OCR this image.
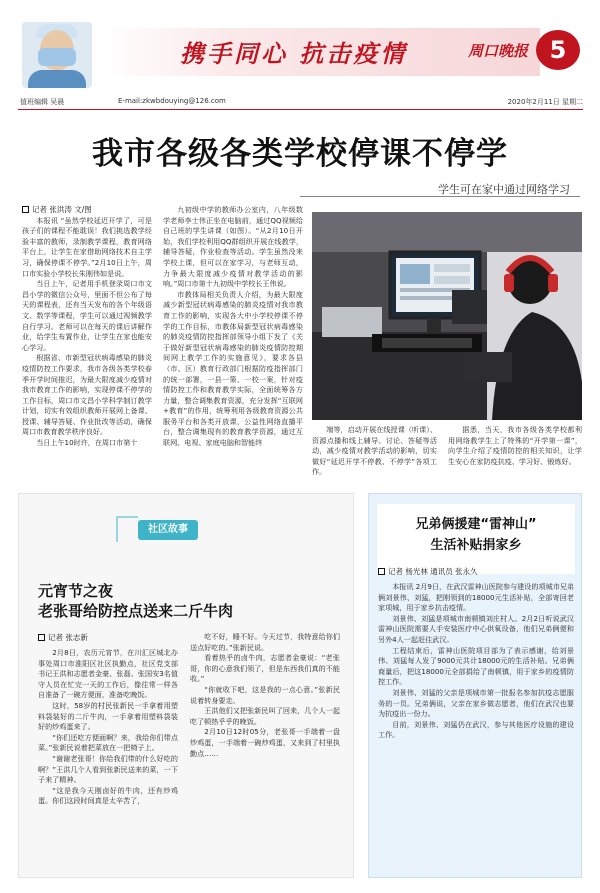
携手同心 抗击疫情	周口晚报 5
值班编辑 吴晨	E-mail:zkwbdouying@126.com	2020年2月11日 星期二
我市各级各类学校停课不停学
学生可在家中通过网络学习
记者 张洪涛 文/图

本报讯 “虽然学校延迟开学了，可是孩子们的课程不能耽误！我们挑选教学经验丰富的教师，录制教学课程，教育网络平台上，让学生在家借助网络技术自主学习，确保停课不停学。”2月10日上午，周口市实验小学校长朱刚伟如是说。

当日上午，记者用手机登录周口市文昌小学的微信公众号，里面不但公布了每天的课程表，还有当天发布的各个年级语文、数学等课程，学生可以通过视频教学自行学习。老师可以在每天的课后讲解作业，给学生布置作业，让学生在家也能安心学习。

根据省、市新型冠状病毒感染的肺炎疫情防控工作要求，我市各级各类学校春季开学时间推迟，为最大限度减少疫情对我市教育工作的影响，实现停课不停学的工作目标，周口市文昌小学科学制订教学计划，切实有效组织教师开展网上备课、授课、辅导答疑、作业批改等活动，确保周口市教育教学秩序良好。

当日上午10时许，在周口市第十

九初级中学的教师办公室内，八年级数学老师李士伟正坐在电脑前，通过QQ视频给自己班的学生讲课（如图）。“从2月10日开始，我们学校利用QQ群组织开展在线教学，辅导答疑，作业检查等活动。学生虽然没来学校上课，但可以在家学习，与老师互动，力争最大限度减少疫情对教学活动的影响。”周口市第十九初级中学校长王伟说。

市教体局相关负责人介绍，为最大限度减少新型冠状病毒感染的肺炎疫情对我市教育工作的影响，实现各大中小学校停课不停学的工作目标，市教体局新型冠状病毒感染的肺炎疫情防控指挥部领导小组下发了《关于做好新型冠状病毒感染的肺炎疫情防控期间网上教学工作的实施意见》，要求各县（市、区）教育行政部门根据防疫指挥部门的统一部署，一县一策、一校一案，针对疫情防控工作和教育教学实际，全面统筹各方力量，整合调集教育资源，充分发挥“互联网+教育”的作用，统筹利用各级教育资源公共服务平台和各类开放课，公益性网络直播平台，整合调集现有的教育教学资源，通过互联网、电视、家庭电脑和智能终

端等，启动开展在线授课（听课）、资源点播和线上辅导、讨论、答疑等活动，减少疫情对教学活动的影响，切实做好“延迟开学不停教、不停学”各项工作。

据悉，当天，我市各级各类学校都利用网络教学生上了特殊的“开学第一课”，向学生介绍了疫情防控的相关知识，让学生安心在家防疫抗疫、学习好、锻炼好。

社区故事
元宵节之夜
老张哥给防控点送来二斤牛肉
记者 张志新

2月8日，农历元宵节，在川汇区城北办事处周口市淮阳区社区执勤点，社区党支部书记王洪和志愿者金豪、张磊、张国安3名值守人员在忙完一天的工作后，像往常一样各自准备了一碗方便面，准备吃晚饭。

这时，58岁的村民张新民一手拿着用塑料袋装好的二斤牛肉，一手拿着用塑料袋装好的炒鸡蛋来了。

“你们还吃方便面啊？来，我给你们带点菜。”张新民说着把菜放在一把椅子上。

“谢谢老张哥！你给我们带的什么好吃的啊？”王洪几个人看到张新民送来的菜，一下子来了精神。

“这是我今天刚卤好的牛肉，还有炒鸡蛋。你们这段时间真是太辛苦了，

吃不好，睡不好。今天过节，我特意给你们送点好吃的。”张新民说。

看着热乎的卤牛肉，志愿者金豪说：“老张哥，你的心意我们领了，但是东西我们真的不能收。”

“你就收下吧，这是我的一点心意。”张新民说着转身要走。

王洪他们又把张新民叫了回来，几个人一起吃了顿热乎乎的晚饭。

2月10日12时05分，老张哥一手端着一盘炒鸡蛋，一手端着一碗炒鸡蛋，又来到了村里执勤点……

兄弟俩援建“雷神山”
生活补贴捐家乡
记者 杨光林 通讯员 张永久

本报讯 2月9日，在武汉雷神山医院参与建设的项城市兄弟俩刘景伟、刘猛，把刚领到的18000元生活补贴，全部寄回老家项城，用于家乡抗击疫情。

刘景伟、刘猛是项城市南顿镇刘庄村人。2月2日听说武汉雷神山医院需要人手安装医疗中心供氧设备，他们兄弟俩便和另外4人一起赶往武汉。

工程结束后，雷神山医院项目部为了表示感谢，给刘景伟、刘猛每人发了9000元共计18000元的生活补贴。兄弟俩商量后，把这18000元全部捐给了南顿镇，用于家乡的疫情防控工作。

刘景伟、刘猛的父亲是项城市第一批报名参加抗疫志愿服务的一员。兄弟俩说，父亲在家乡做志愿者，他们在武汉也要为抗疫出一份力。

目前，刘景伟、刘猛仍在武汉，参与其他医疗设施的建设工作。
